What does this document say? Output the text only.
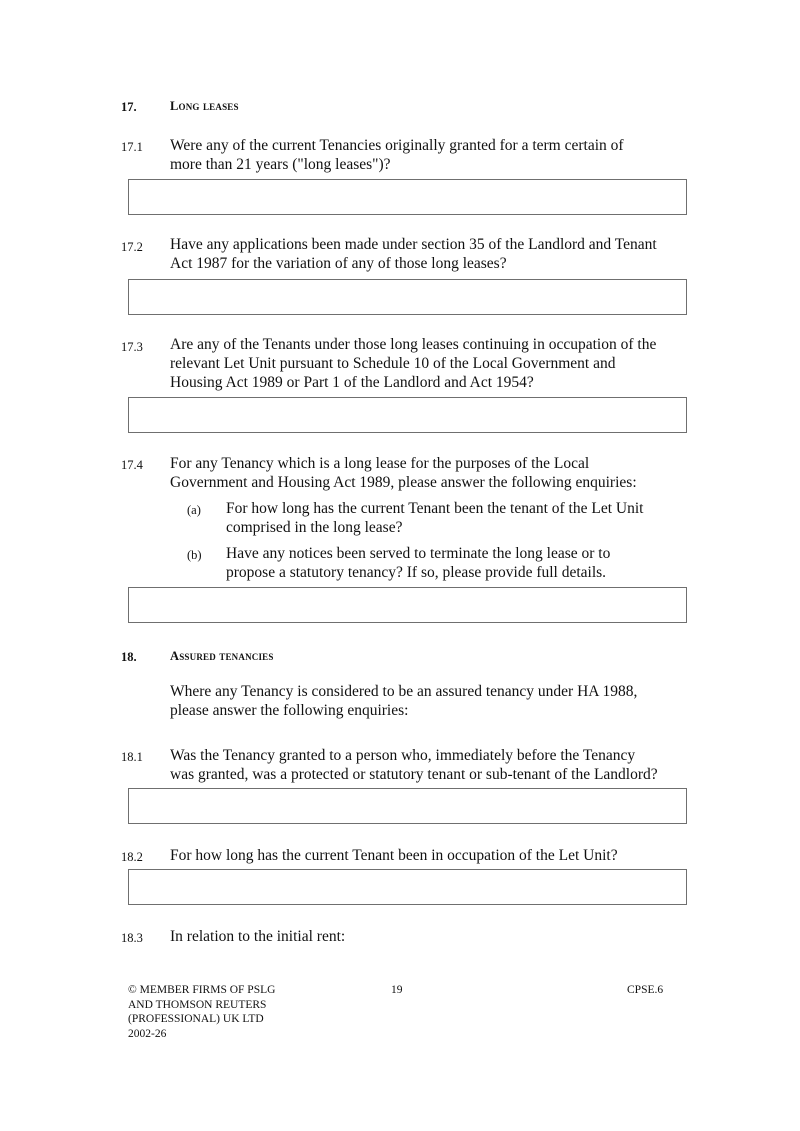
17.	Long leases
17.1 Were any of the current Tenancies originally granted for a term certain of
more than 21 years ("long leases")?
17.2 Have any applications been made under section 35 of the Landlord and Tenant
Act 1987 for the variation of any of those long leases?
17.3 Are any of the Tenants under those long leases continuing in occupation of the
relevant Let Unit pursuant to Schedule 10 of the Local Government and
Housing Act 1989 or Part 1 of the Landlord and Act 1954?
17.4 For any Tenancy which is a long lease for the purposes of the Local
Government and Housing Act 1989, please answer the following enquiries:
(a) For how long has the current Tenant been the tenant of the Let Unit
comprised in the long lease?
(b) Have any notices been served to terminate the long lease or to
propose a statutory tenancy? If so, please provide full details.
18.	Assured tenancies
Where any Tenancy is considered to be an assured tenancy under HA 1988,
please answer the following enquiries:
18.1 Was the Tenancy granted to a person who, immediately before the Tenancy
was granted, was a protected or statutory tenant or sub-tenant of the Landlord?
18.2 For how long has the current Tenant been in occupation of the Let Unit?
18.3 In relation to the initial rent:
© MEMBER FIRMS OF PSLG
AND THOMSON REUTERS
(PROFESSIONAL) UK LTD
2002-26
19	CPSE.6
